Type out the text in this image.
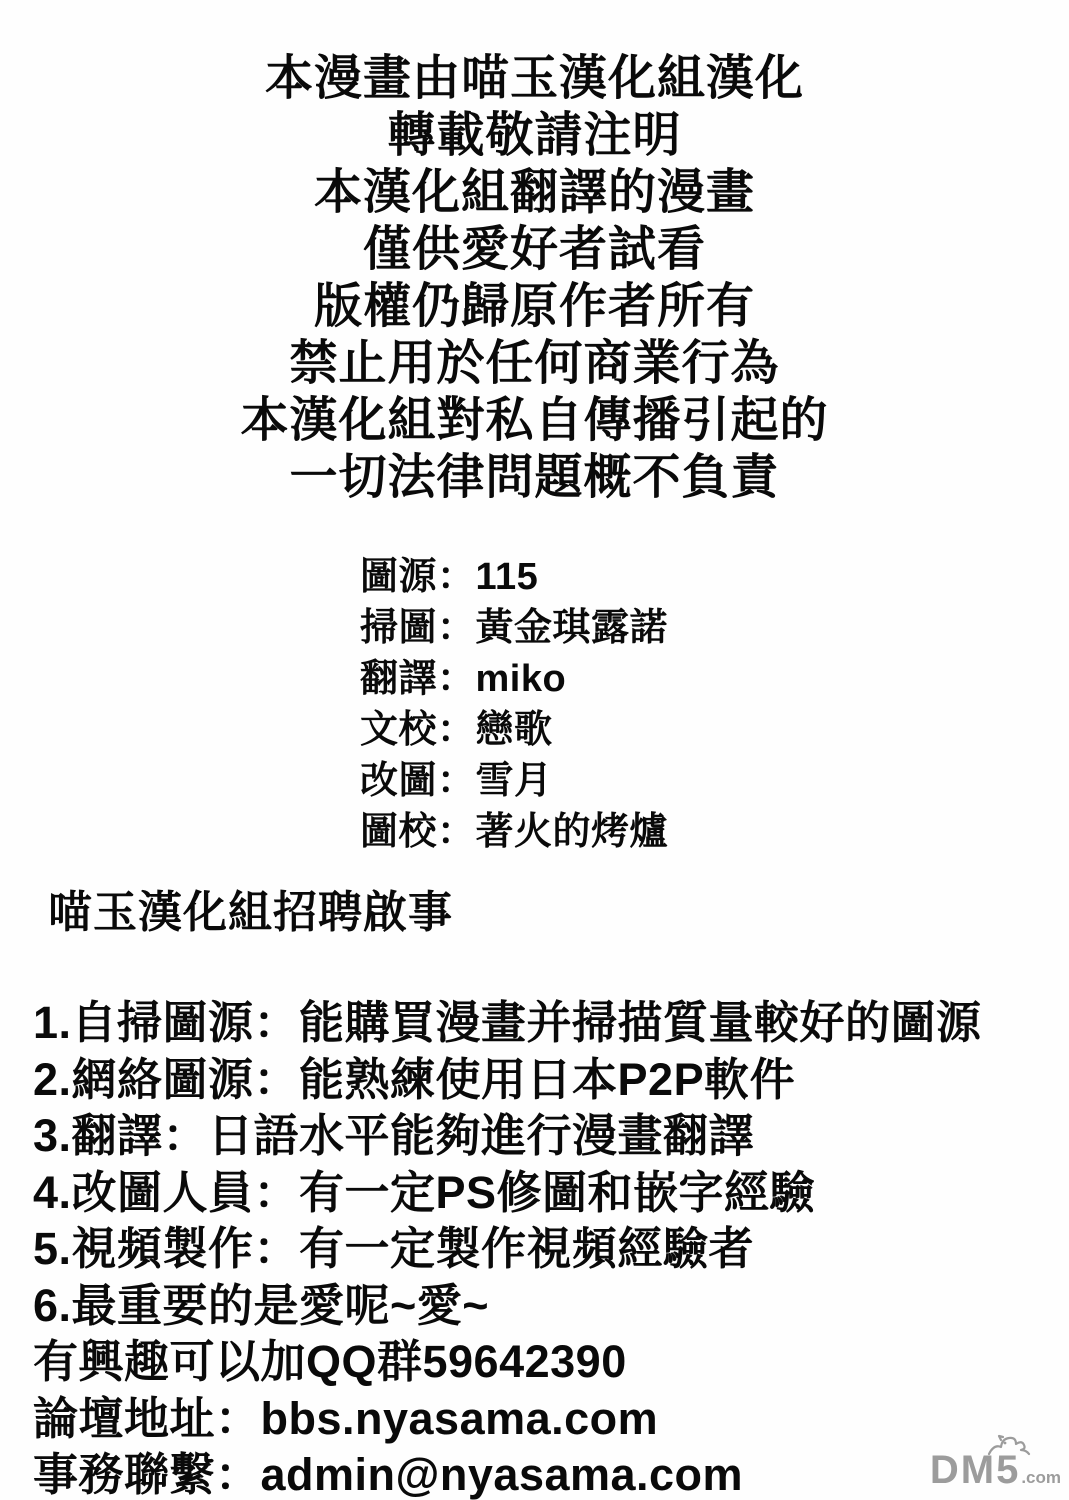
本漫畫由喵玉漢化組漢化
轉載敬請注明
本漢化組翻譯的漫畫
僅供愛好者試看
版權仍歸原作者所有
禁止用於任何商業行為
本漢化組對私自傳播引起的
一切法律問題概不負責
圖源：115
掃圖：黃金琪露諾
翻譯：miko
文校：戀歌
改圖：雪月
圖校：著火的烤爐
喵玉漢化組招聘啟事
1.自掃圖源：能購買漫畫并掃描質量較好的圖源
2.網絡圖源：能熟練使用日本P2P軟件
3.翻譯：日語水平能夠進行漫畫翻譯
4.改圖人員：有一定PS修圖和嵌字經驗
5.視頻製作：有一定製作視頻經驗者
6.最重要的是愛呢~愛~
有興趣可以加QQ群59642390
論壇地址：bbs.nyasama.com
事務聯繫：admin@nyasama.com	DM5 .com
